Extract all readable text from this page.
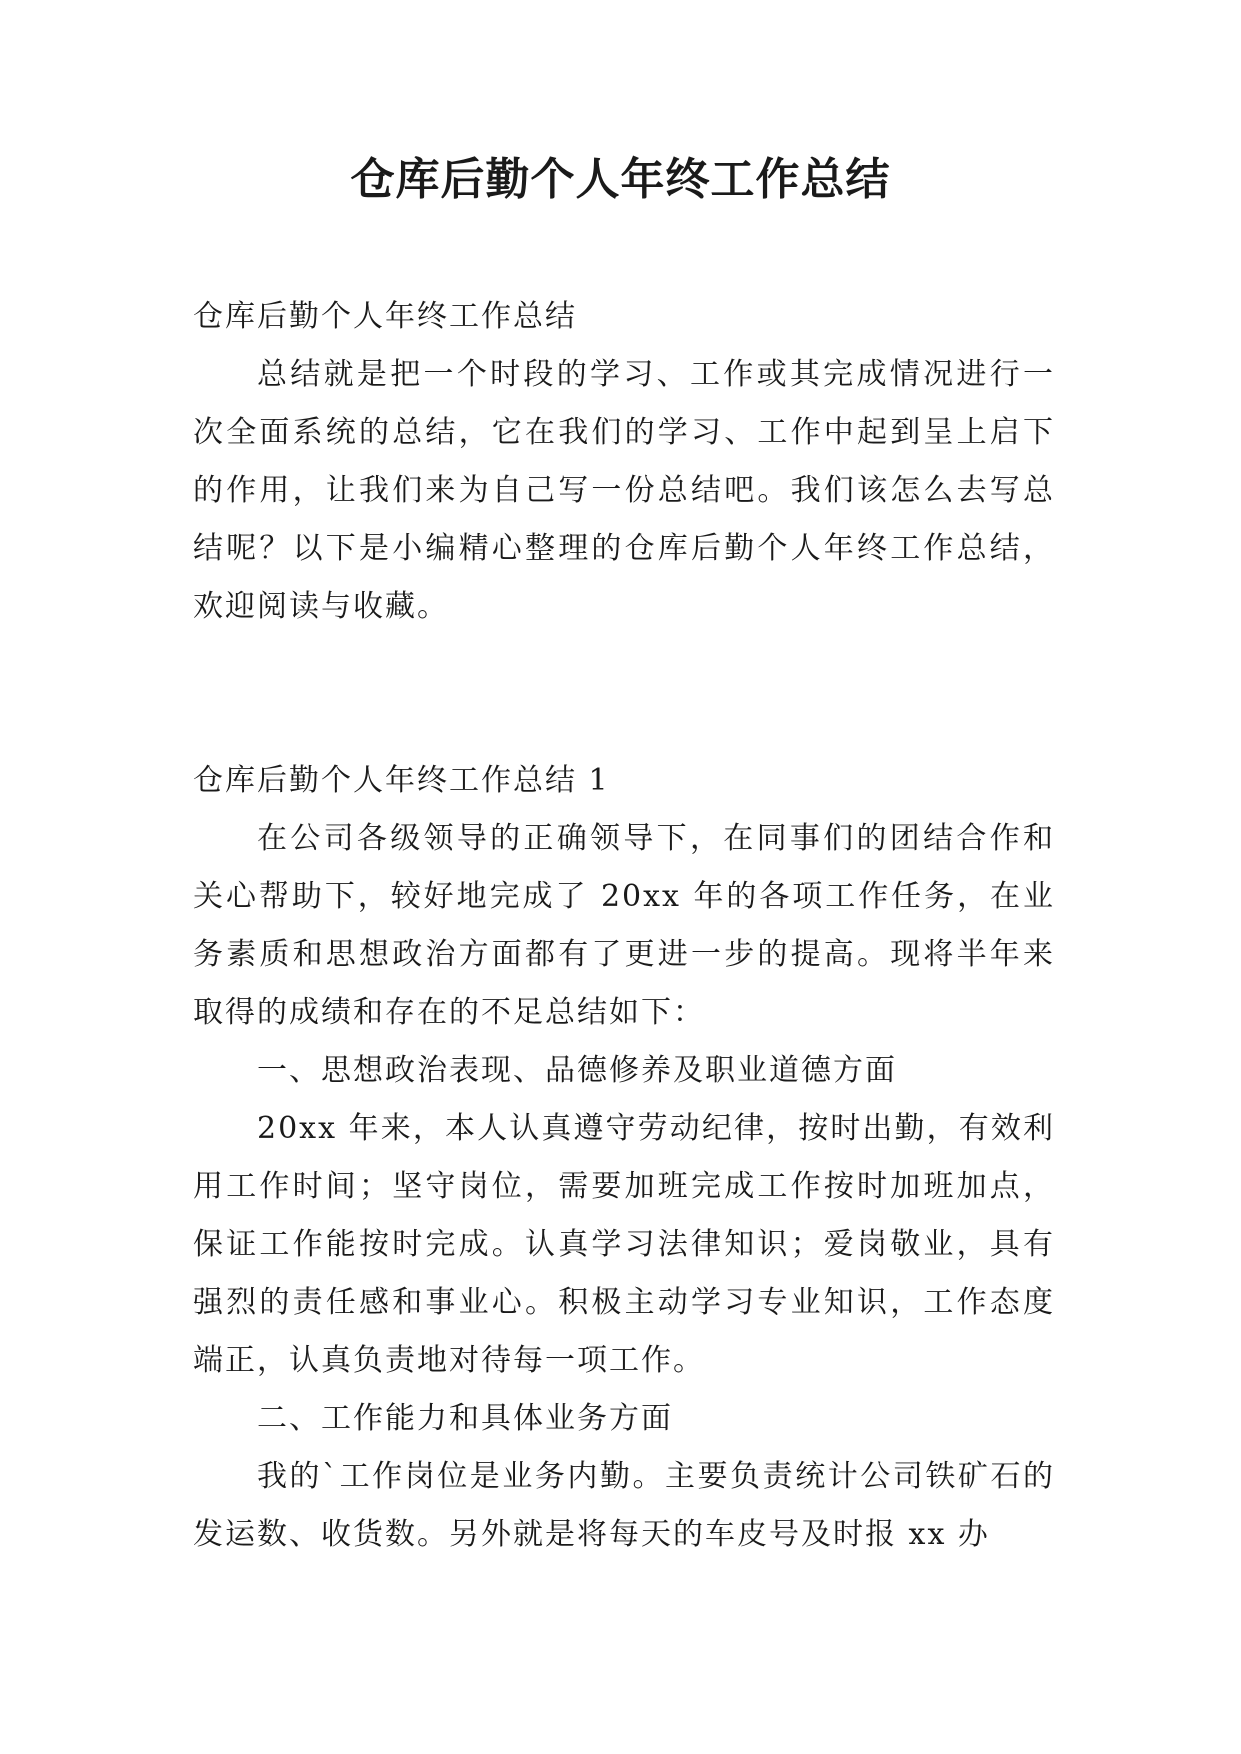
仓库后勤个人年终工作总结

仓库后勤个人年终工作总结

总结就是把一个时段的学习、工作或其完成情况进行一次全面系统的总结，它在我们的学习、工作中起到呈上启下的作用，让我们来为自己写一份总结吧。我们该怎么去写总结呢？以下是小编精心整理的仓库后勤个人年终工作总结，欢迎阅读与收藏。

仓库后勤个人年终工作总结 1

在公司各级领导的正确领导下，在同事们的团结合作和关心帮助下，较好地完成了 20xx 年的各项工作任务，在业务素质和思想政治方面都有了更进一步的提高。现将半年来取得的成绩和存在的不足总结如下：

一、思想政治表现、品德修养及职业道德方面

20xx 年来，本人认真遵守劳动纪律，按时出勤，有效利用工作时间；坚守岗位，需要加班完成工作按时加班加点，保证工作能按时完成。认真学习法律知识；爱岗敬业，具有强烈的责任感和事业心。积极主动学习专业知识，工作态度端正，认真负责地对待每一项工作。

二、工作能力和具体业务方面

我的`工作岗位是业务内勤。主要负责统计公司铁矿石的发运数、收货数。另外就是将每天的车皮号及时报 xx 办
